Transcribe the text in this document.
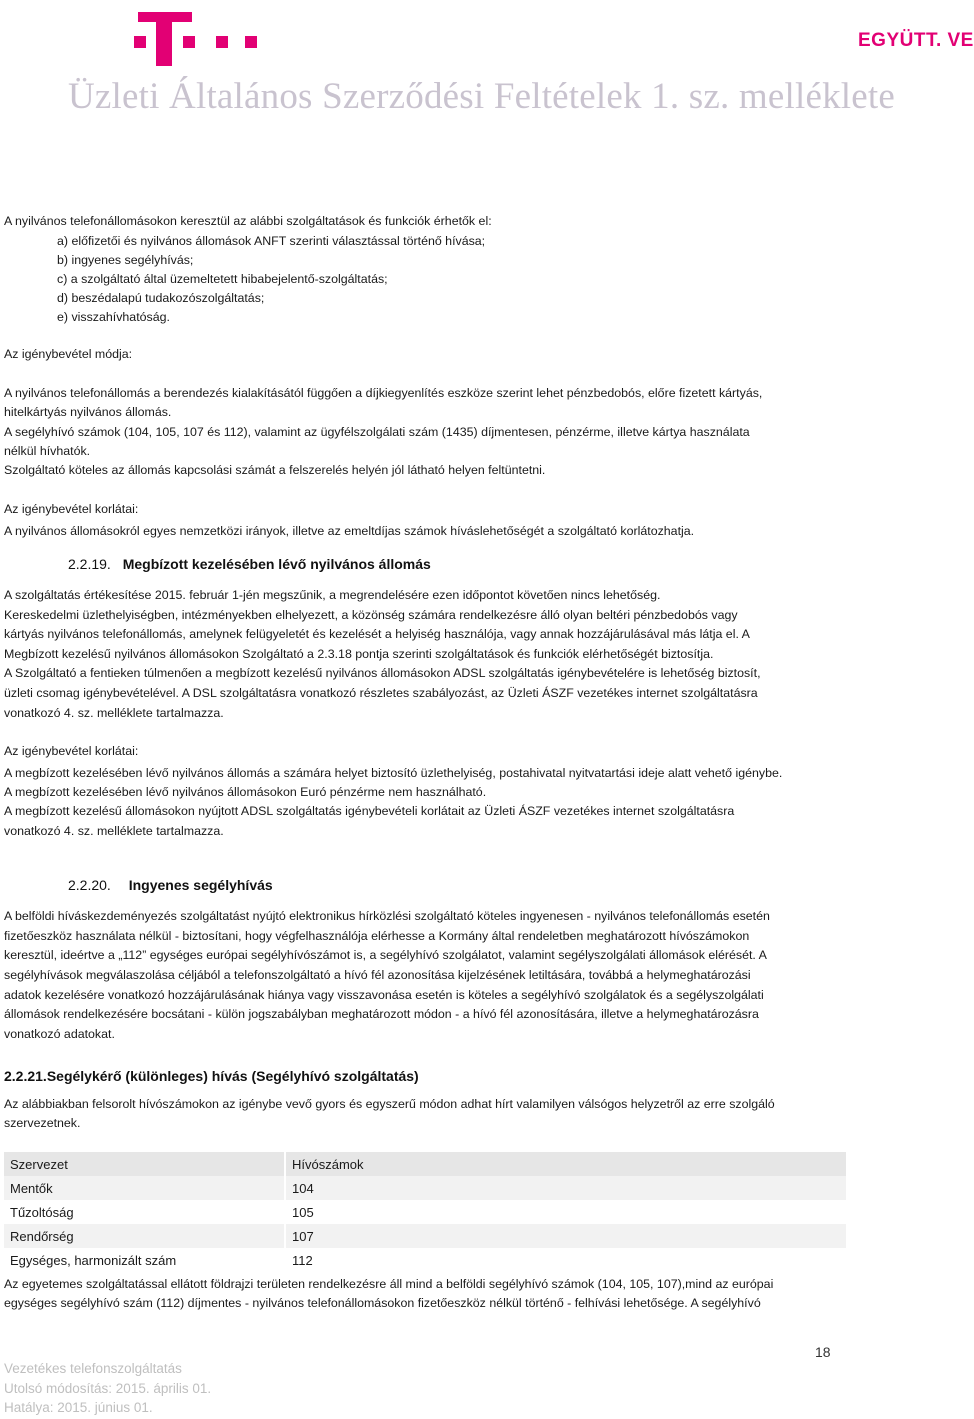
EGYÜTT. VE
Üzleti Általános Szerződési Feltételek 1. sz. melléklete
A nyilvános telefonállomásokon keresztül az alábbi szolgáltatások és funkciók érhetők el:
a) előfizetői és nyilvános állomások ANFT szerinti választással történő hívása;
b) ingyenes segélyhívás;
c) a szolgáltató által üzemeltetett hibabejelentő-szolgáltatás;
d) beszédalapú tudakozószolgáltatás;
e) visszahívhatóság.
Az igénybevétel módja:
A nyilvános telefonállomás a berendezés kialakításától függően a díjkiegyenlítés eszköze szerint lehet pénzbedobós, előre fizetett kártyás,
hitelkártyás nyilvános állomás.
A segélyhívó számok (104, 105, 107 és 112), valamint az ügyfélszolgálati szám (1435) díjmentesen, pénzérme, illetve kártya használata
nélkül hívhatók.
Szolgáltató köteles az állomás kapcsolási számát a felszerelés helyén jól látható helyen feltüntetni.
Az igénybevétel korlátai:
A nyilvános állomásokról egyes nemzetközi irányok, illetve az emeltdíjas számok híváslehetőségét a szolgáltató korlátozhatja.
2.2.19. Megbízott kezelésében lévő nyilvános állomás
A szolgáltatás értékesítése 2015. február 1-jén megszűnik, a megrendelésére ezen időpontot követően nincs lehetőség.
Kereskedelmi üzlethelyiségben, intézményekben elhelyezett, a közönség számára rendelkezésre álló olyan beltéri pénzbedobós vagy
kártyás nyilvános telefonállomás, amelynek felügyeletét és kezelését a helyiség használója, vagy annak hozzájárulásával más látja el. A
Megbízott kezelésű nyilvános állomásokon Szolgáltató a 2.3.18 pontja szerinti szolgáltatások és funkciók elérhetőségét biztosítja.
A Szolgáltató a fentieken túlmenően a megbízott kezelésű nyilvános állomásokon ADSL szolgáltatás igénybevételére is lehetőség biztosít,
üzleti csomag igénybevételével. A DSL szolgáltatásra vonatkozó részletes szabályozást, az Üzleti ÁSZF vezetékes internet szolgáltatásra
vonatkozó 4. sz. melléklete tartalmazza.
Az igénybevétel korlátai:
A megbízott kezelésében lévő nyilvános állomás a számára helyet biztosító üzlethelyiség, postahivatal nyitvatartási ideje alatt vehető igénybe.
A megbízott kezelésében lévő nyilvános állomásokon Euró pénzérme nem használható.
A megbízott kezelésű állomásokon nyújtott ADSL szolgáltatás igénybevételi korlátait az Üzleti ÁSZF vezetékes internet szolgáltatásra
vonatkozó 4. sz. melléklete tartalmazza.
2.2.20. Ingyenes segélyhívás
A belföldi híváskezdeményezés szolgáltatást nyújtó elektronikus hírközlési szolgáltató köteles ingyenesen - nyilvános telefonállomás esetén
fizetőeszköz használata nélkül - biztosítani, hogy végfelhasználója elérhesse a Kormány által rendeletben meghatározott hívószámokon
keresztül, ideértve a „112” egységes európai segélyhívószámot is, a segélyhívó szolgálatot, valamint segélyszolgálati állomások elérését. A
segélyhívások megválaszolása céljából a telefonszolgáltató a hívó fél azonosítása kijelzésének letiltására, továbbá a helymeghatározási
adatok kezelésére vonatkozó hozzájárulásának hiánya vagy visszavonása esetén is köteles a segélyhívó szolgálatok és a segélyszolgálati
állomások rendelkezésére bocsátani - külön jogszabályban meghatározott módon - a hívó fél azonosítására, illetve a helymeghatározásra
vonatkozó adatokat.
2.2.21.Segélykérő (különleges) hívás (Segélyhívó szolgáltatás)
Az alábbiakban felsorolt hívószámokon az igénybe vevő gyors és egyszerű módon adhat hírt valamilyen válsógos helyzetről az erre szolgáló
szervezetnek.
Szervezet	Hívószámok
Mentők	104
Tűzoltóság	105
Rendőrség	107
Egységes, harmonizált szám	112
Az egyetemes szolgáltatással ellátott földrajzi területen rendelkezésre áll mind a belföldi segélyhívó számok (104, 105, 107),mind az európai
egységes segélyhívó szám (112) díjmentes - nyilvános telefonállomásokon fizetőeszköz nélkül történő - felhívási lehetősége. A segélyhívó
Vezetékes telefonszolgáltatás
Utolsó módosítás: 2015. április 01.
Hatálya: 2015. június 01.
18
